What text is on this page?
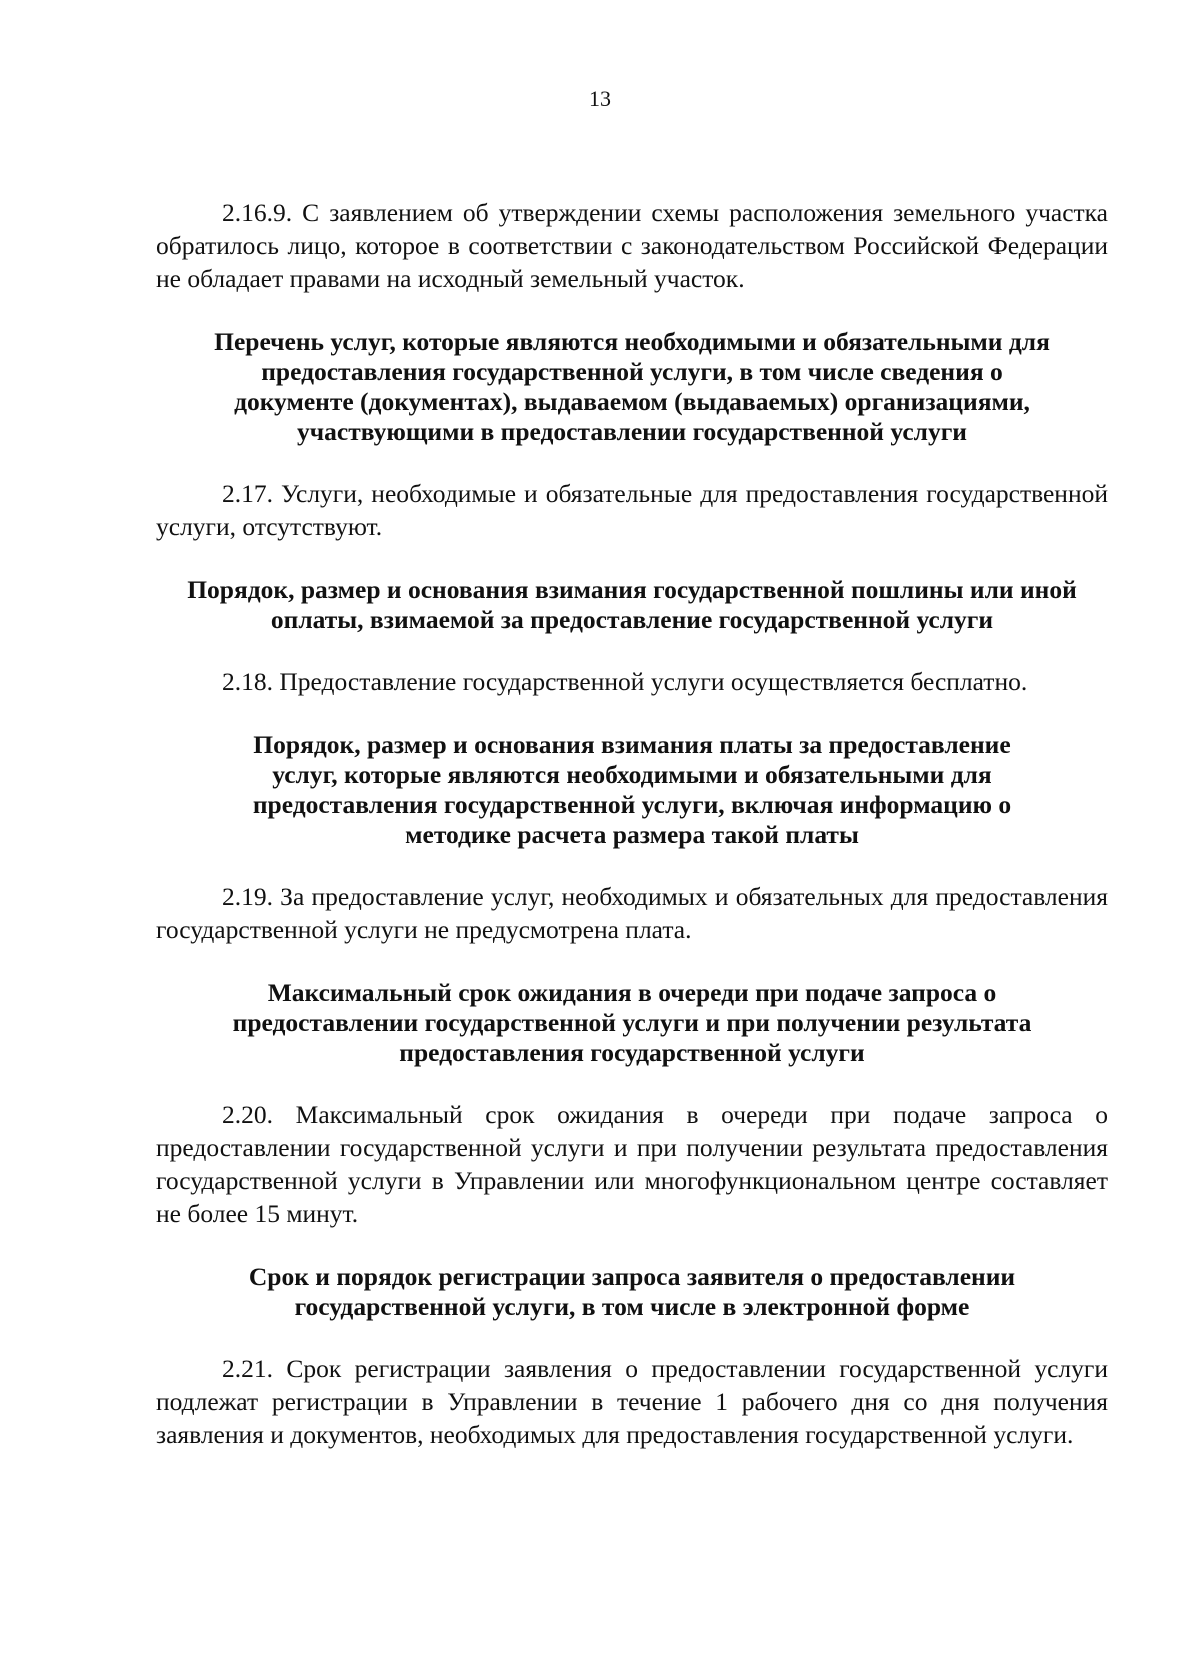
13

2.16.9. С заявлением об утверждении схемы расположения земельного участка обратилось лицо, которое в соответствии с законодательством Российской Федерации не обладает правами на исходный земельный участок.

Перечень услуг, которые являются необходимыми и обязательными для предоставления государственной услуги, в том числе сведения о документе (документах), выдаваемом (выдаваемых) организациями, участвующими в предоставлении государственной услуги

2.17. Услуги, необходимые и обязательные для предоставления государственной услуги, отсутствуют.

Порядок, размер и основания взимания государственной пошлины или иной оплаты, взимаемой за предоставление государственной услуги

2.18. Предоставление государственной услуги осуществляется бесплатно.

Порядок, размер и основания взимания платы за предоставление услуг, которые являются необходимыми и обязательными для предоставления государственной услуги, включая информацию о методике расчета размера такой платы

2.19. За предоставление услуг, необходимых и обязательных для предоставления государственной услуги не предусмотрена плата.

Максимальный срок ожидания в очереди при подаче запроса о предоставлении государственной услуги и при получении результата предоставления государственной услуги

2.20. Максимальный срок ожидания в очереди при подаче запроса о предоставлении государственной услуги и при получении результата предоставления государственной услуги в Управлении или многофункциональном центре составляет не более 15 минут.

Срок и порядок регистрации запроса заявителя о предоставлении государственной услуги, в том числе в электронной форме

2.21. Срок регистрации заявления о предоставлении государственной услуги подлежат регистрации в Управлении в течение 1 рабочего дня со дня получения заявления и документов, необходимых для предоставления государственной услуги.
